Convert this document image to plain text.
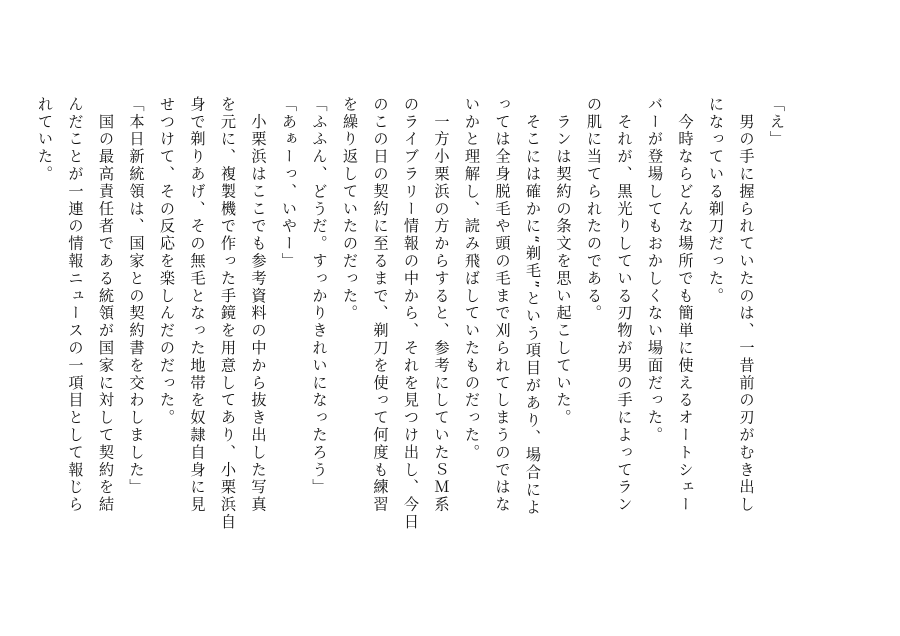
「え」
　男の手に握られていたのは、一昔前の刃がむき出し
になっている剃刀だった。
　今時ならどんな場所でも簡単に使えるオートシェー
バーが登場してもおかしくない場面だった。
　それが、黒光りしている刃物が男の手によってラン
の肌に当てられたのである。
　ランは契約の条文を思い起こしていた。
　そこには確かに“剃毛”という項目があり、場合によ
っては全身脱毛や頭の毛まで刈られてしまうのではな
いかと理解し、読み飛ばしていたものだった。
　一方小栗浜の方からすると、参考にしていたＳＭ系
のライブラリー情報の中から、それを見つけ出し、今日
のこの日の契約に至るまで、剃刀を使って何度も練習
を繰り返していたのだった。
「ふふん、どうだ。すっかりきれいになったろう」
「あぁーっ、いやー」
　小栗浜はここでも参考資料の中から抜き出した写真
を元に、複製機で作った手鏡を用意してあり、小栗浜自
身で剃りあげ、その無毛となった地帯を奴隷自身に見
せつけて、その反応を楽しんだのだった。
「本日新統領は、国家との契約書を交わしました」
　国の最高責任者である統領が国家に対して契約を結
んだことが一連の情報ニュースの一項目として報じら
れていた。
